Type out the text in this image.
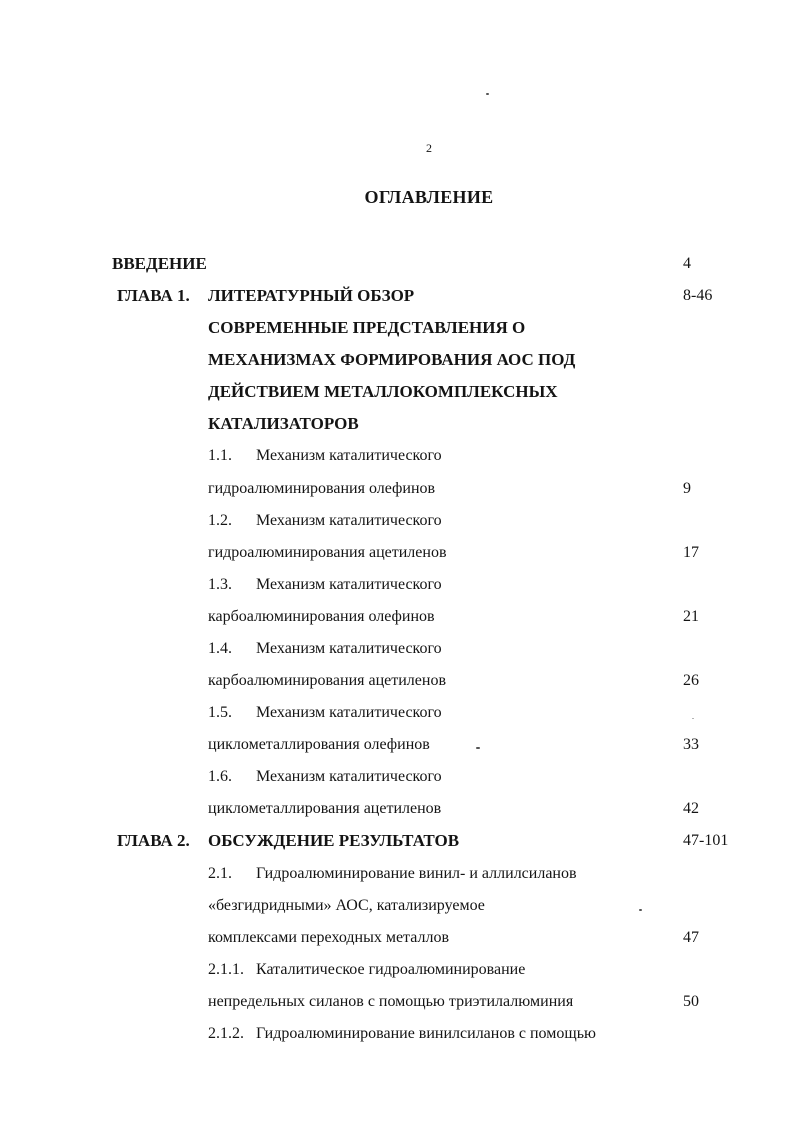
2
ОГЛАВЛЕНИЕ
ВВЕДЕНИЕ	4
ГЛАВА 1. ЛИТЕРАТУРНЫЙ ОБЗОР	8-46
СОВРЕМЕННЫЕ ПРЕДСТАВЛЕНИЯ О
МЕХАНИЗМАХ ФОРМИРОВАНИЯ АОС ПОД
ДЕЙСТВИЕМ МЕТАЛЛОКОМПЛЕКСНЫХ
КАТАЛИЗАТОРОВ
1.1. Механизм каталитического
гидроалюминирования олефинов	9
1.2. Механизм каталитического
гидроалюминирования ацетиленов	17
1.3. Механизм каталитического
карбоалюминирования олефинов	21
1.4. Механизм каталитического
карбоалюминирования ацетиленов	26
1.5. Механизм каталитического
циклометаллирования олефинов	33
1.6. Механизм каталитического
циклометаллирования ацетиленов	42
ГЛАВА 2. ОБСУЖДЕНИЕ РЕЗУЛЬТАТОВ	47-101
2.1. Гидроалюминирование винил- и аллилсиланов
«безгидридными» АОС, катализируемое
комплексами переходных металлов	47
2.1.1. Каталитическое гидроалюминирование
непредельных силанов с помощью триэтилалюминия	50
2.1.2. Гидроалюминирование винилсиланов с помощью
